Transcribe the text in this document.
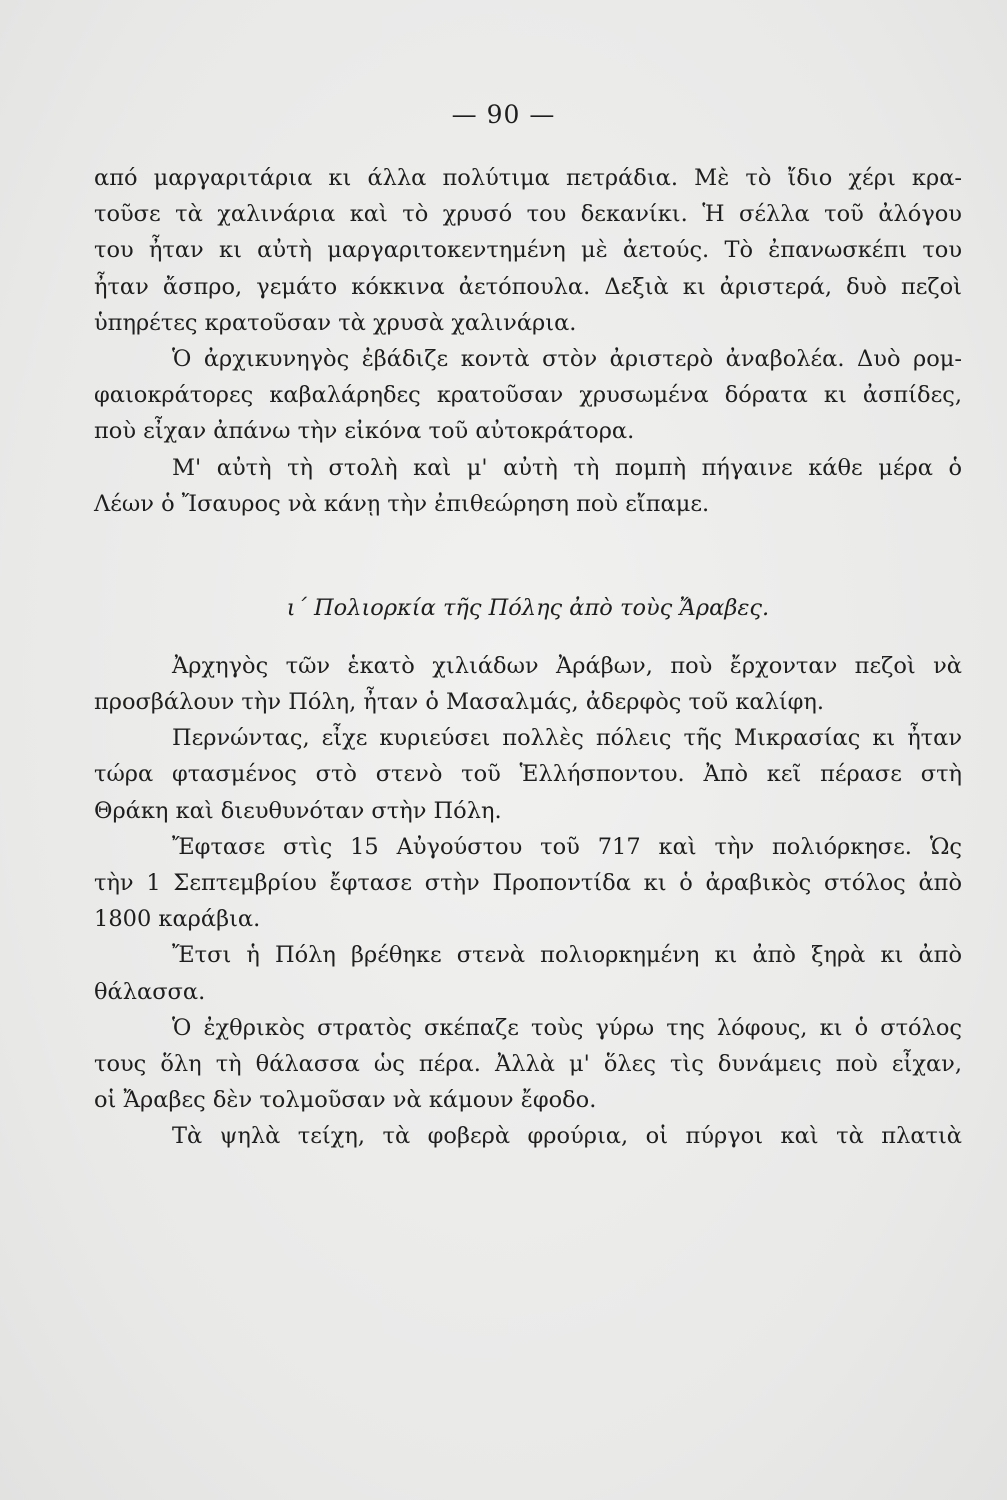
— 90 —
από μαργαριτάρια κι άλλα πολύτιμα πετράδια. Μὲ τὸ ἴδιο χέρι κρα-
τοῦσε τὰ χαλινάρια καὶ τὸ χρυσό του δεκανίκι. Ἡ σέλλα τοῦ ἀλόγου
του ἦταν κι αὐτὴ μαργαριτοκεντημένη μὲ ἀετούς. Τὸ ἐπανωσκέπι του
ἦταν ἄσπρο, γεμάτο κόκκινα ἀετόπουλα. Δεξιὰ κι ἀριστερά, δυὸ πεζοὶ
ὑπηρέτες κρατοῦσαν τὰ χρυσὰ χαλινάρια.
Ὁ ἀρχικυνηγὸς ἐβάδιζε κοντὰ στὸν ἀριστερὸ ἀναβολέα. Δυὸ ρομ-
φαιοκράτορες καβαλάρηδες κρατοῦσαν χρυσωμένα δόρατα κι ἀσπίδες,
ποὺ εἶχαν ἀπάνω τὴν εἰκόνα τοῦ αὐτοκράτορα.
Μ' αὐτὴ τὴ στολὴ καὶ μ' αὐτὴ τὴ πομπὴ πήγαινε κάθε μέρα ὁ
Λέων ὁ Ἴσαυρος νὰ κάνῃ τὴν ἐπιθεώρηση ποὺ εἴπαμε.
ι΄ Πολιορκία τῆς Πόλης ἀπὸ τοὺς Ἄραβες.
Ἀρχηγὸς τῶν ἑκατὸ χιλιάδων Ἀράβων, ποὺ ἔρχονταν πεζοὶ νὰ
προσβάλουν τὴν Πόλη, ἦταν ὁ Μασαλμάς, ἀδερφὸς τοῦ καλίφη.
Περνώντας, εἶχε κυριεύσει πολλὲς πόλεις τῆς Μικρασίας κι ἦταν
τώρα φτασμένος στὸ στενὸ τοῦ Ἑλλήσποντου. Ἀπὸ κεῖ πέρασε στὴ
Θράκη καὶ διευθυνόταν στὴν Πόλη.
Ἔφτασε στὶς 15 Αὐγούστου τοῦ 717 καὶ τὴν πολιόρκησε. Ὡς
τὴν 1 Σεπτεμβρίου ἔφτασε στὴν Προποντίδα κι ὁ ἀραβικὸς στόλος ἀπὸ
1800 καράβια.
Ἔτσι ἡ Πόλη βρέθηκε στενὰ πολιορκημένη κι ἀπὸ ξηρὰ κι ἀπὸ
θάλασσα.
Ὁ ἐχθρικὸς στρατὸς σκέπαζε τοὺς γύρω της λόφους, κι ὁ στόλος
τους ὅλη τὴ θάλασσα ὡς πέρα. Ἀλλὰ μ' ὅλες τὶς δυνάμεις ποὺ εἶχαν,
οἱ Ἄραβες δὲν τολμοῦσαν νὰ κάμουν ἔφοδο.
Τὰ ψηλὰ τείχη, τὰ φοβερὰ φρούρια, οἱ πύργοι καὶ τὰ πλατιὰ
